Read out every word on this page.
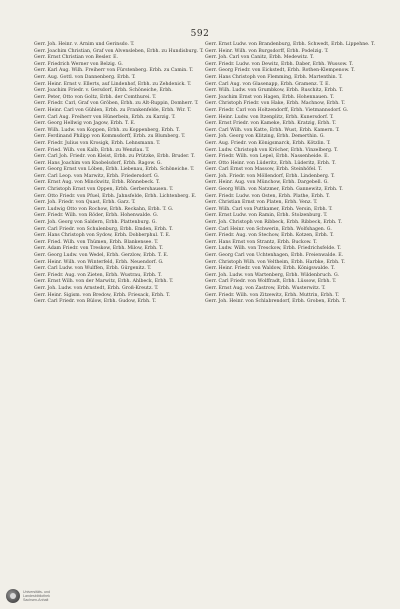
592
Gerr. Joh. Heinr. v. Arnim und Gerinsdo. T.
Gerr. Joachim Christian, Graf von Alvensleben, Erbh. zu Hundisburg. T.
Gerr. Ernst Christian von Besler. E.
Gerr. Friedrich Werner von Belzig. G.
Gerr. Karl Aug. Wilh. Freiherr von Fürstenberg. Erbh. zu Camin. T.
Gerr. Aug. Gottl. von Dannenberg. Erbh. T.
Gerr. Heinr. Ernst v. Ellerts, auf Lindenhof, Erbh. zu Zehdenick. T.
Gerr. Joachim Friedr. v. Gersdorf, Erbh. Schöneiche, Erbh.
Gerr. Peter, Otto von Goltz, Erbh. der Comthurei. T.
Gerr. Friedr. Carl, Graf von Gröben, Erbh. zu Alt-Ruppin, Domherr. T.
Gerr. Heinr. Carl von Gühlen, Erbh. zu Frankenfelde, Erbh. Wir. T.
Gerr. Carl Aug. Freiherr von Hünerbein, Erbh. zu Karzig. T.
Gerr. Georg Hellwig von Jagow, Erbh. T. E.
Gerr. Wilh. Ludw. von Koppen, Erbh. zu Koppenberg, Erbh. T.
Gerr. Ferdinand Philipp von Kommsdorff, Erbh. zu Blumberg. T.
Gerr. Friedr. Julius von Krosigk, Erbh. Lehnsmann. T.
Gerr. Fried. Wilh. von Kalb, Erbh. zu Wenzlau. T.
Gerr. Carl Joh. Friedr. von Kleist, Erbh. zu Prützke, Erbh. Bruder. T.
Gerr. Hans Joachim von Knobelsdorf, Erbh. Ragow. G.
Gerr. Georg Ernst von Löben, Erbh. Liebenau, Erbh. Schöneiche. T.
Gerr. Carl Leop. von Marwitz, Erbh. Friedersdorf. G.
Gerr. Ernst Aug. von Minckwitz, Erbh. Rönnebeck. T.
Gerr. Christoph Ernst von Oppen, Erbh. Gerbershausen. T.
Gerr. Otto Friedr. von Pfuel, Erbh. Jahnsfelde, Erbh. Lichtenberg. E.
Gerr. Joh. Friedr. von Quast, Erbh. Garz. T.
Gerr. Ludwig Otto von Rochow, Erbh. Reckahn, Erbh. T. G.
Gerr. Friedr. Wilh. von Röder, Erbh. Hohenwalde. G.
Gerr. Joh. Georg von Saldern, Erbh. Plattenburg. G.
Gerr. Carl Friedr. von Schulenburg, Erbh. Emden, Erbh. T.
Gerr. Hans Christoph von Sydow, Erbh. Dobberphul. T. E.
Gerr. Fried. Wilh. von Thümen, Erbh. Blankensee. T.
Gerr. Adam Friedr. von Treskow, Erbh. Milow, Erbh. T.
Gerr. Georg Ludw. von Wedel, Erbh. Gerzlow, Erbh. T. E.
Gerr. Heinr. Wilh. von Winterfeld, Erbh. Neuendorf. G.
Gerr. Carl Ludw. von Wulffen, Erbh. Gürgenitz. T.
Gerr. Friedr. Aug. von Zieten, Erbh. Wustrau, Erbh. T.
Gerr. Ernst Wilh. von der Marwitz, Erbh. Ahlbeck, Erbh. T.
Gerr. Joh. Ludw. von Arnstedt, Erbh. Groß-Kreutz. T.
Gerr. Heinr. Sigism. von Bredow, Erbh. Friesack, Erbh. T.
Gerr. Carl Friedr. von Bülow, Erbh. Gudow, Erbh. T.
Gerr. Ernst Ludw. von Brandenburg, Erbh. Schwedt, Erbh. Lippehne. T.
Gerr. Heinr. Wilh. von Burgsdorff, Erbh. Podelzig. T.
Gerr. Joh. Carl von Canitz, Erbh. Medewitz. T.
Gerr. Friedr. Ludw. von Dewitz, Erbh. Daber, Erbh. Wussow. T.
Gerr. Georg Friedr. von Eickstedt, Erbh. Rothen-Klempenow. T.
Gerr. Hans Christoph von Flemming, Erbh. Martenthin. T.
Gerr. Carl Aug. von Glasenapp, Erbh. Gramenz. T. E.
Gerr. Wilh. Ludw. von Grumbkow, Erbh. Ruschitz, Erbh. T.
Gerr. Joachim Ernst von Hagen, Erbh. Hohennauen. T.
Gerr. Christoph Friedr. von Hake, Erbh. Machnow, Erbh. T.
Gerr. Friedr. Carl von Holtzendorff, Erbh. Vietmannsdorf. G.
Gerr. Heinr. Ludw. von Itzenplitz, Erbh. Kunersdorf. T.
Gerr. Ernst Friedr. von Kameke, Erbh. Kratzig, Erbh. T.
Gerr. Carl Wilh. von Katte, Erbh. Wust, Erbh. Kamern. T.
Gerr. Joh. Georg von Klitzing, Erbh. Demerthin. G.
Gerr. Aug. Friedr. von Königsmarck, Erbh. Kötzlin. T.
Gerr. Ludw. Christoph von Kröcher, Erbh. Vinzelberg. T.
Gerr. Friedr. Wilh. von Lepel, Erbh. Nassenheide. E.
Gerr. Otto Heinr. von Lüderitz, Erbh. Lüderitz, Erbh. T.
Gerr. Carl Ernst von Massow, Erbh. Steinhöfel. T.
Gerr. Joh. Friedr. von Möllendorf, Erbh. Lindenberg. T.
Gerr. Heinr. Aug. von Münchow, Erbh. Dargebell. G.
Gerr. Georg Wilh. von Natzmer, Erbh. Gannewitz, Erbh. T.
Gerr. Friedr. Ludw. von Osten, Erbh. Plathe, Erbh. T.
Gerr. Christian Ernst von Platen, Erbh. Venz. T.
Gerr. Wilh. Carl von Puttkamer, Erbh. Versin, Erbh. T.
Gerr. Ernst Ludw. von Ramin, Erbh. Stolzenburg. T.
Gerr. Joh. Christoph von Ribbeck, Erbh. Ribbeck, Erbh. T.
Gerr. Carl Heinr. von Schwerin, Erbh. Wolfshagen. G.
Gerr. Friedr. Aug. von Stechow, Erbh. Kotzen, Erbh. T.
Gerr. Hans Ernst von Strantz, Erbh. Buckow. T.
Gerr. Ludw. Wilh. von Tresckow, Erbh. Friedrichsfelde. T.
Gerr. Georg Carl von Uchtenhagen, Erbh. Freienwalde. E.
Gerr. Christoph Wilh. von Veltheim, Erbh. Harbke, Erbh. T.
Gerr. Heinr. Friedr. von Waldow, Erbh. Königswalde. T.
Gerr. Joh. Ludw. von Wartenberg, Erbh. Wildenbruch. G.
Gerr. Carl Friedr. von Wolffradt, Erbh. Lüssow, Erbh. T.
Gerr. Ernst Aug. von Zastrow, Erbh. Wusterwitz. T.
Gerr. Friedr. Wilh. von Zitzewitz, Erbh. Muttrin, Erbh. T.
Gerr. Joh. Heinr. von Schlabrendorf, Erbh. Groben, Erbh. T.
Universitäts- und
Landesbibliothek
Sachsen-Anhalt
